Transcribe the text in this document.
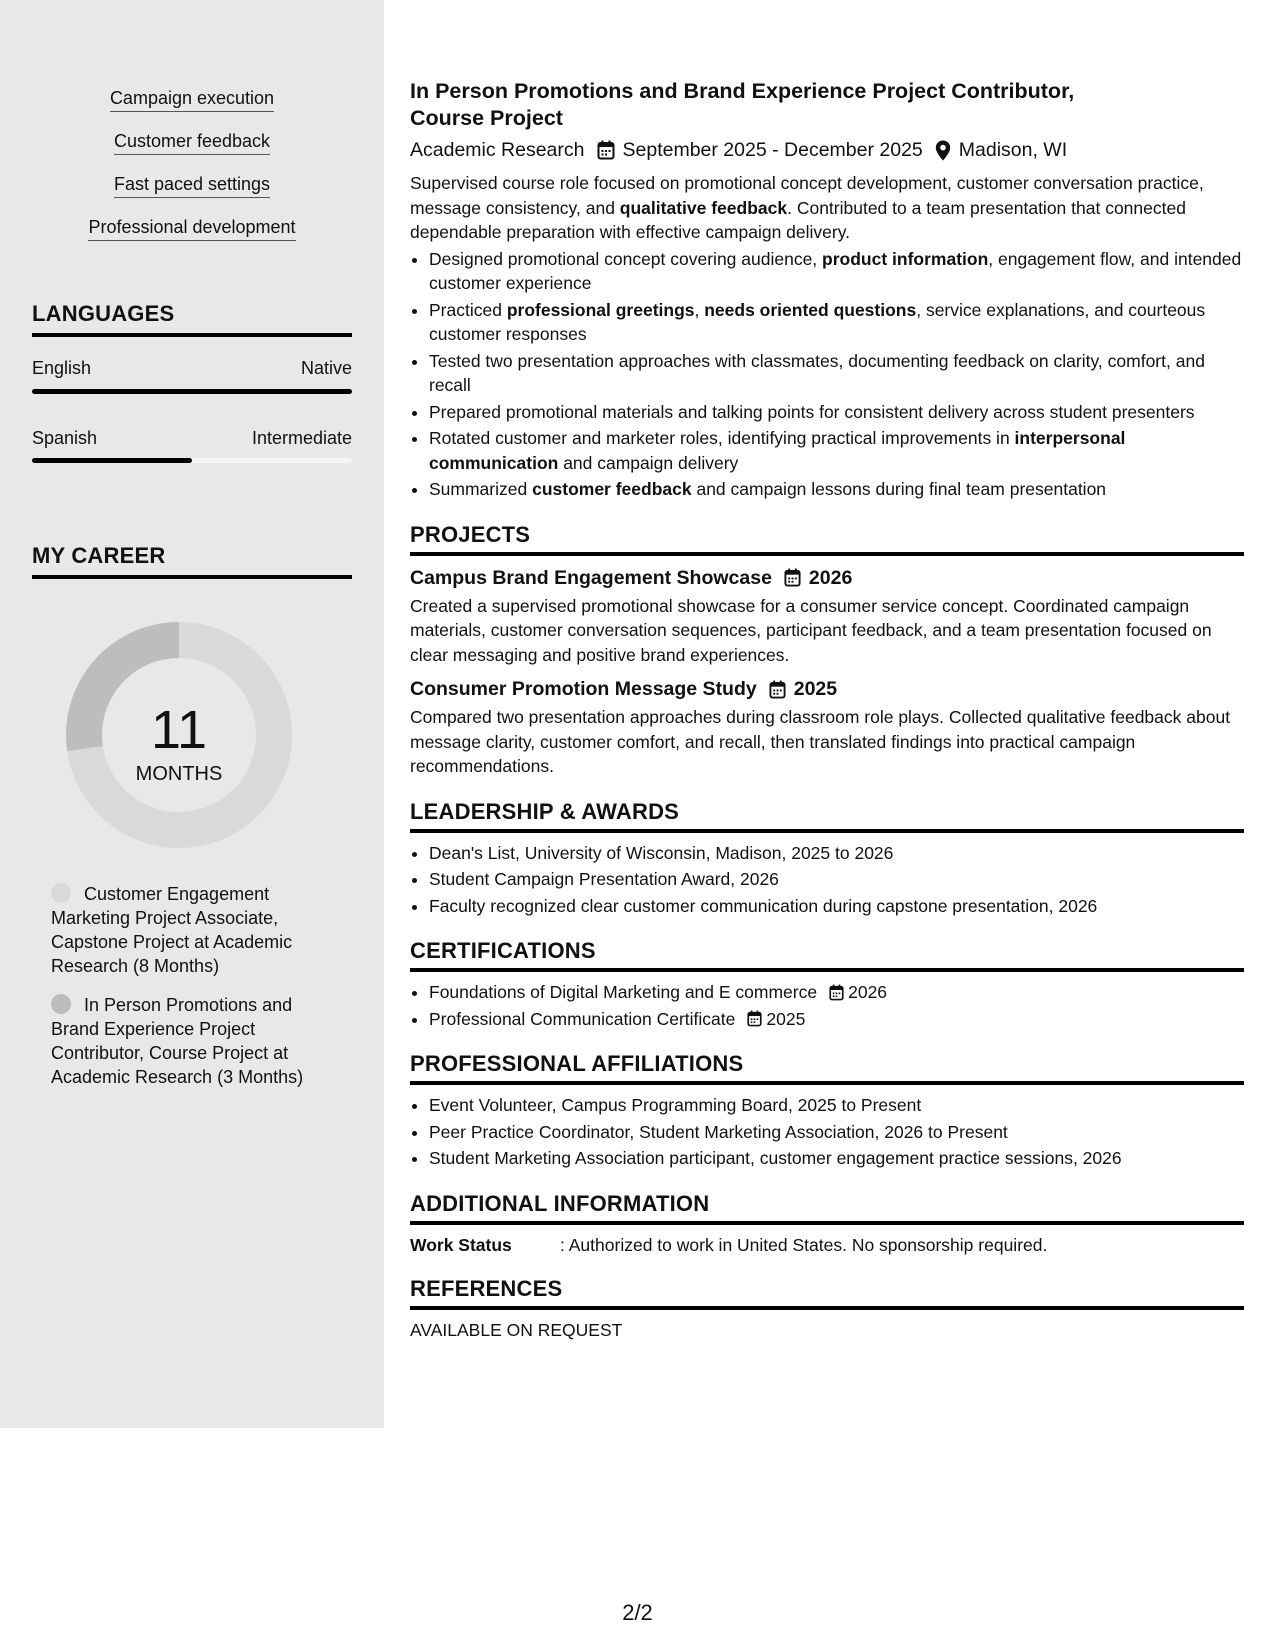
Campaign execution
Customer feedback
Fast paced settings
Professional development
LANGUAGES
English	Native
Spanish	Intermediate
MY CAREER
11
MONTHS
Customer Engagement Marketing Project Associate, Capstone Project at Academic Research (8 Months)
In Person Promotions and Brand Experience Project Contributor, Course Project at Academic Research (3 Months)
In Person Promotions and Brand Experience Project Contributor, Course Project
Academic Research September 2025 - December 2025 Madison, WI

Supervised course role focused on promotional concept development, customer conversation practice, message consistency, and qualitative feedback. Contributed to a team presentation that connected dependable preparation with effective campaign delivery.

• Designed promotional concept covering audience, product information, engagement flow, and intended customer experience
• Practiced professional greetings, needs oriented questions, service explanations, and courteous customer responses
• Tested two presentation approaches with classmates, documenting feedback on clarity, comfort, and recall
• Prepared promotional materials and talking points for consistent delivery across student presenters
• Rotated customer and marketer roles, identifying practical improvements in interpersonal communication and campaign delivery
• Summarized customer feedback and campaign lessons during final team presentation
PROJECTS
Campus Brand Engagement Showcase 2026

Created a supervised promotional showcase for a consumer service concept. Coordinated campaign materials, customer conversation sequences, participant feedback, and a team presentation focused on clear messaging and positive brand experiences.

Consumer Promotion Message Study 2025

Compared two presentation approaches during classroom role plays. Collected qualitative feedback about message clarity, customer comfort, and recall, then translated findings into practical campaign recommendations.

LEADERSHIP & AWARDS
• Dean's List, University of Wisconsin, Madison, 2025 to 2026
• Student Campaign Presentation Award, 2026
• Faculty recognized clear customer communication during capstone presentation, 2026
CERTIFICATIONS
• Foundations of Digital Marketing and E commerce 2026
• Professional Communication Certificate 2025
PROFESSIONAL AFFILIATIONS
• Event Volunteer, Campus Programming Board, 2025 to Present
• Peer Practice Coordinator, Student Marketing Association, 2026 to Present
• Student Marketing Association participant, customer engagement practice sessions, 2026
ADDITIONAL INFORMATION
Work Status	: Authorized to work in United States. No sponsorship required.
REFERENCES
AVAILABLE ON REQUEST
2/2
